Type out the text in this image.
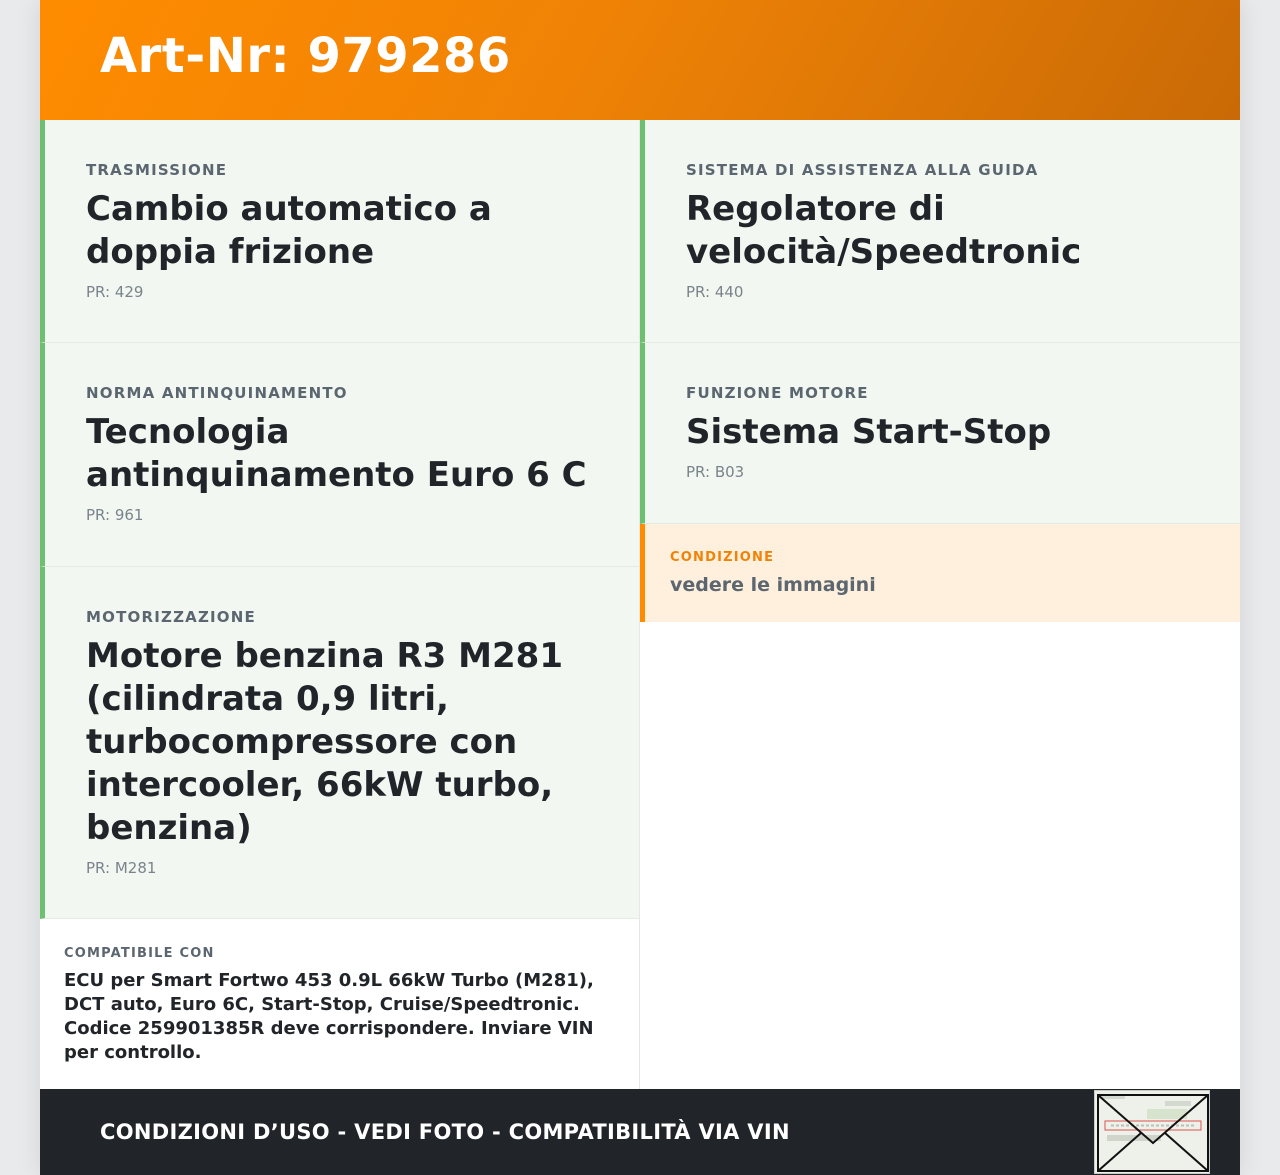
Art-Nr: 979286
TRASMISSIONE
Cambio automatico a doppia frizione
PR: 429
NORMA ANTINQUINAMENTO
Tecnologia antinquinamento Euro 6 C
PR: 961
MOTORIZZAZIONE
Motore benzina R3 M281 (cilindrata 0,9 litri, turbocompressore con intercooler, 66kW turbo, benzina)
PR: M281
SISTEMA DI ASSISTENZA ALLA GUIDA
Regolatore di velocità/Speedtronic
PR: 440
FUNZIONE MOTORE
Sistema Start-Stop
PR: B03
CONDIZIONE
vedere le immagini
COMPATIBILE CON
ECU per Smart Fortwo 453 0.9L 66kW Turbo (M281), DCT auto, Euro 6C, Start-Stop, Cruise/Speedtronic. Codice 259901385R deve corrispondere. Inviare VIN per controllo.
CONDIZIONI D’USO - VEDI FOTO - COMPATIBILITÀ VIA VIN
